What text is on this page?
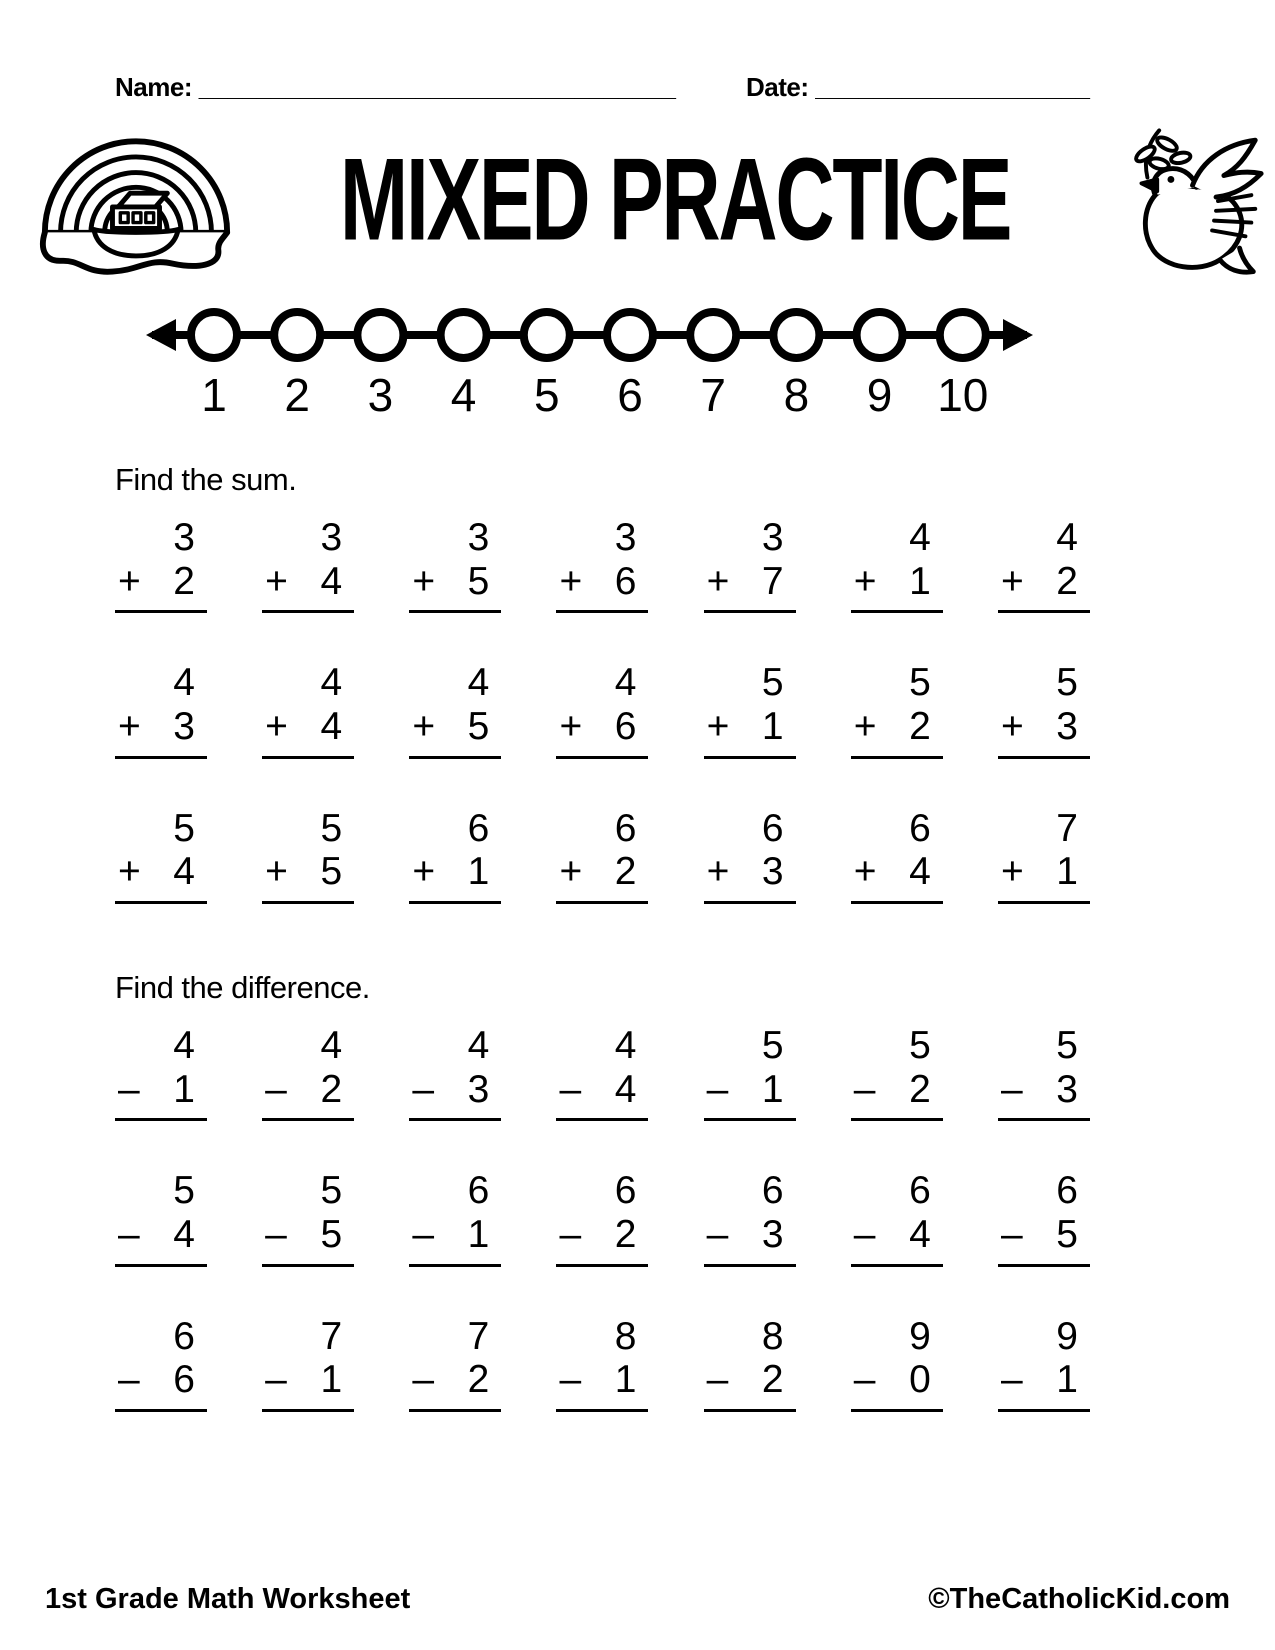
Name: _________________________________	Date: ___________________
MIXED PRACTICE
1 2 3 4 5 6 7 8 9 10
Find the sum.
3
+ 2
3
+ 4
3
+ 5
3
+ 6
3
+ 7
4
+ 1
4
+ 2
4
+ 3
4
+ 4
4
+ 5
4
+ 6
5
+ 1
5
+ 2
5
+ 3
5
+ 4
5
+ 5
6
+ 1
6
+ 2
6
+ 3
6
+ 4
7
+ 1
Find the difference.
4
– 1
4
– 2
4
– 3
4
– 4
5
– 1
5
– 2
5
– 3
5
– 4
5
– 5
6
– 1
6
– 2
6
– 3
6
– 4
6
– 5
6
– 6
7
– 1
7
– 2
8
– 1
8
– 2
9
– 0
9
– 1
1st Grade Math Worksheet	©TheCatholicKid.com
